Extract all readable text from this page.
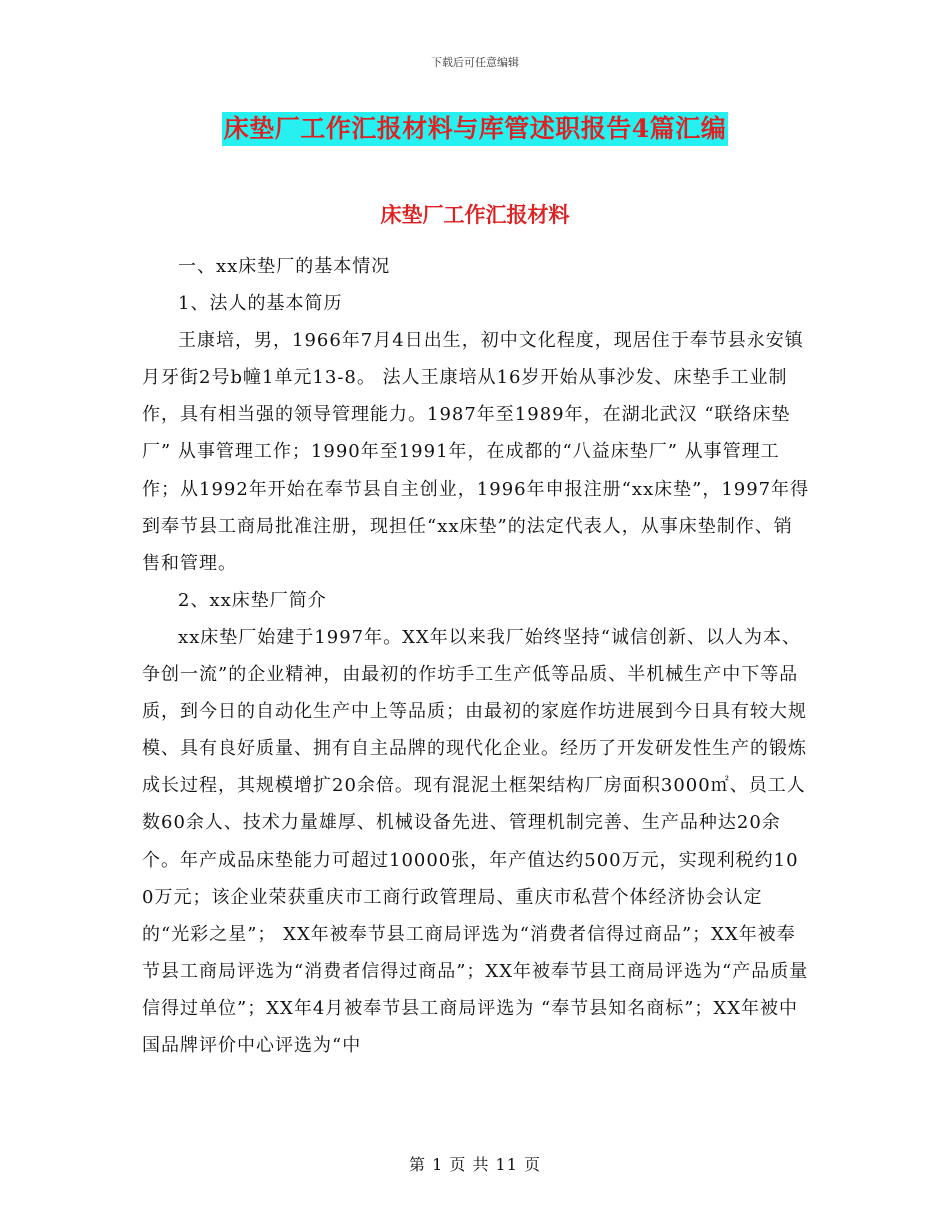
下载后可任意编辑
床垫厂工作汇报材料与库管述职报告4篇汇编
床垫厂工作汇报材料

一、xx床垫厂的基本情况

1、法人的基本简历

王康培，男，1966年7月4日出生，初中文化程度，现居住于奉节县永安镇月牙街2号b幢1单元13-8。 法人王康培从16岁开始从事沙发、床垫手工业制作，具有相当强的领导管理能力。1987年至1989年，在湖北武汉 “联络床垫厂” 从事管理工作；1990年至1991年，在成都的“八益床垫厂” 从事管理工作；从1992年开始在奉节县自主创业，1996年申报注册“xx床垫”，1997年得到奉节县工商局批准注册，现担任“xx床垫”的法定代表人，从事床垫制作、销售和管理。

2、xx床垫厂简介

xx床垫厂始建于1997年。XX年以来我厂始终坚持“诚信创新、以人为本、争创一流”的企业精神，由最初的作坊手工生产低等品质、半机械生产中下等品质，到今日的自动化生产中上等品质；由最初的家庭作坊进展到今日具有较大规模、具有良好质量、拥有自主品牌的现代化企业。经历了开发研发性生产的锻炼成长过程，其规模增扩20余倍。现有混泥土框架结构厂房面积3000㎡、员工人数60余人、技术力量雄厚、机械设备先进、管理机制完善、生产品种达20余个。年产成品床垫能力可超过10000张，年产值达约500万元，实现利税约100万元；该企业荣获重庆市工商行政管理局、重庆市私营个体经济协会认定的“光彩之星”； XX年被奉节县工商局评选为“消费者信得过商品”；XX年被奉节县工商局评选为“消费者信得过商品”；XX年被奉节县工商局评选为“产品质量信得过单位”；XX年4月被奉节县工商局评选为 “奉节县知名商标”；XX年被中国品牌评价中心评选为“中

第 1 页 共 11 页
